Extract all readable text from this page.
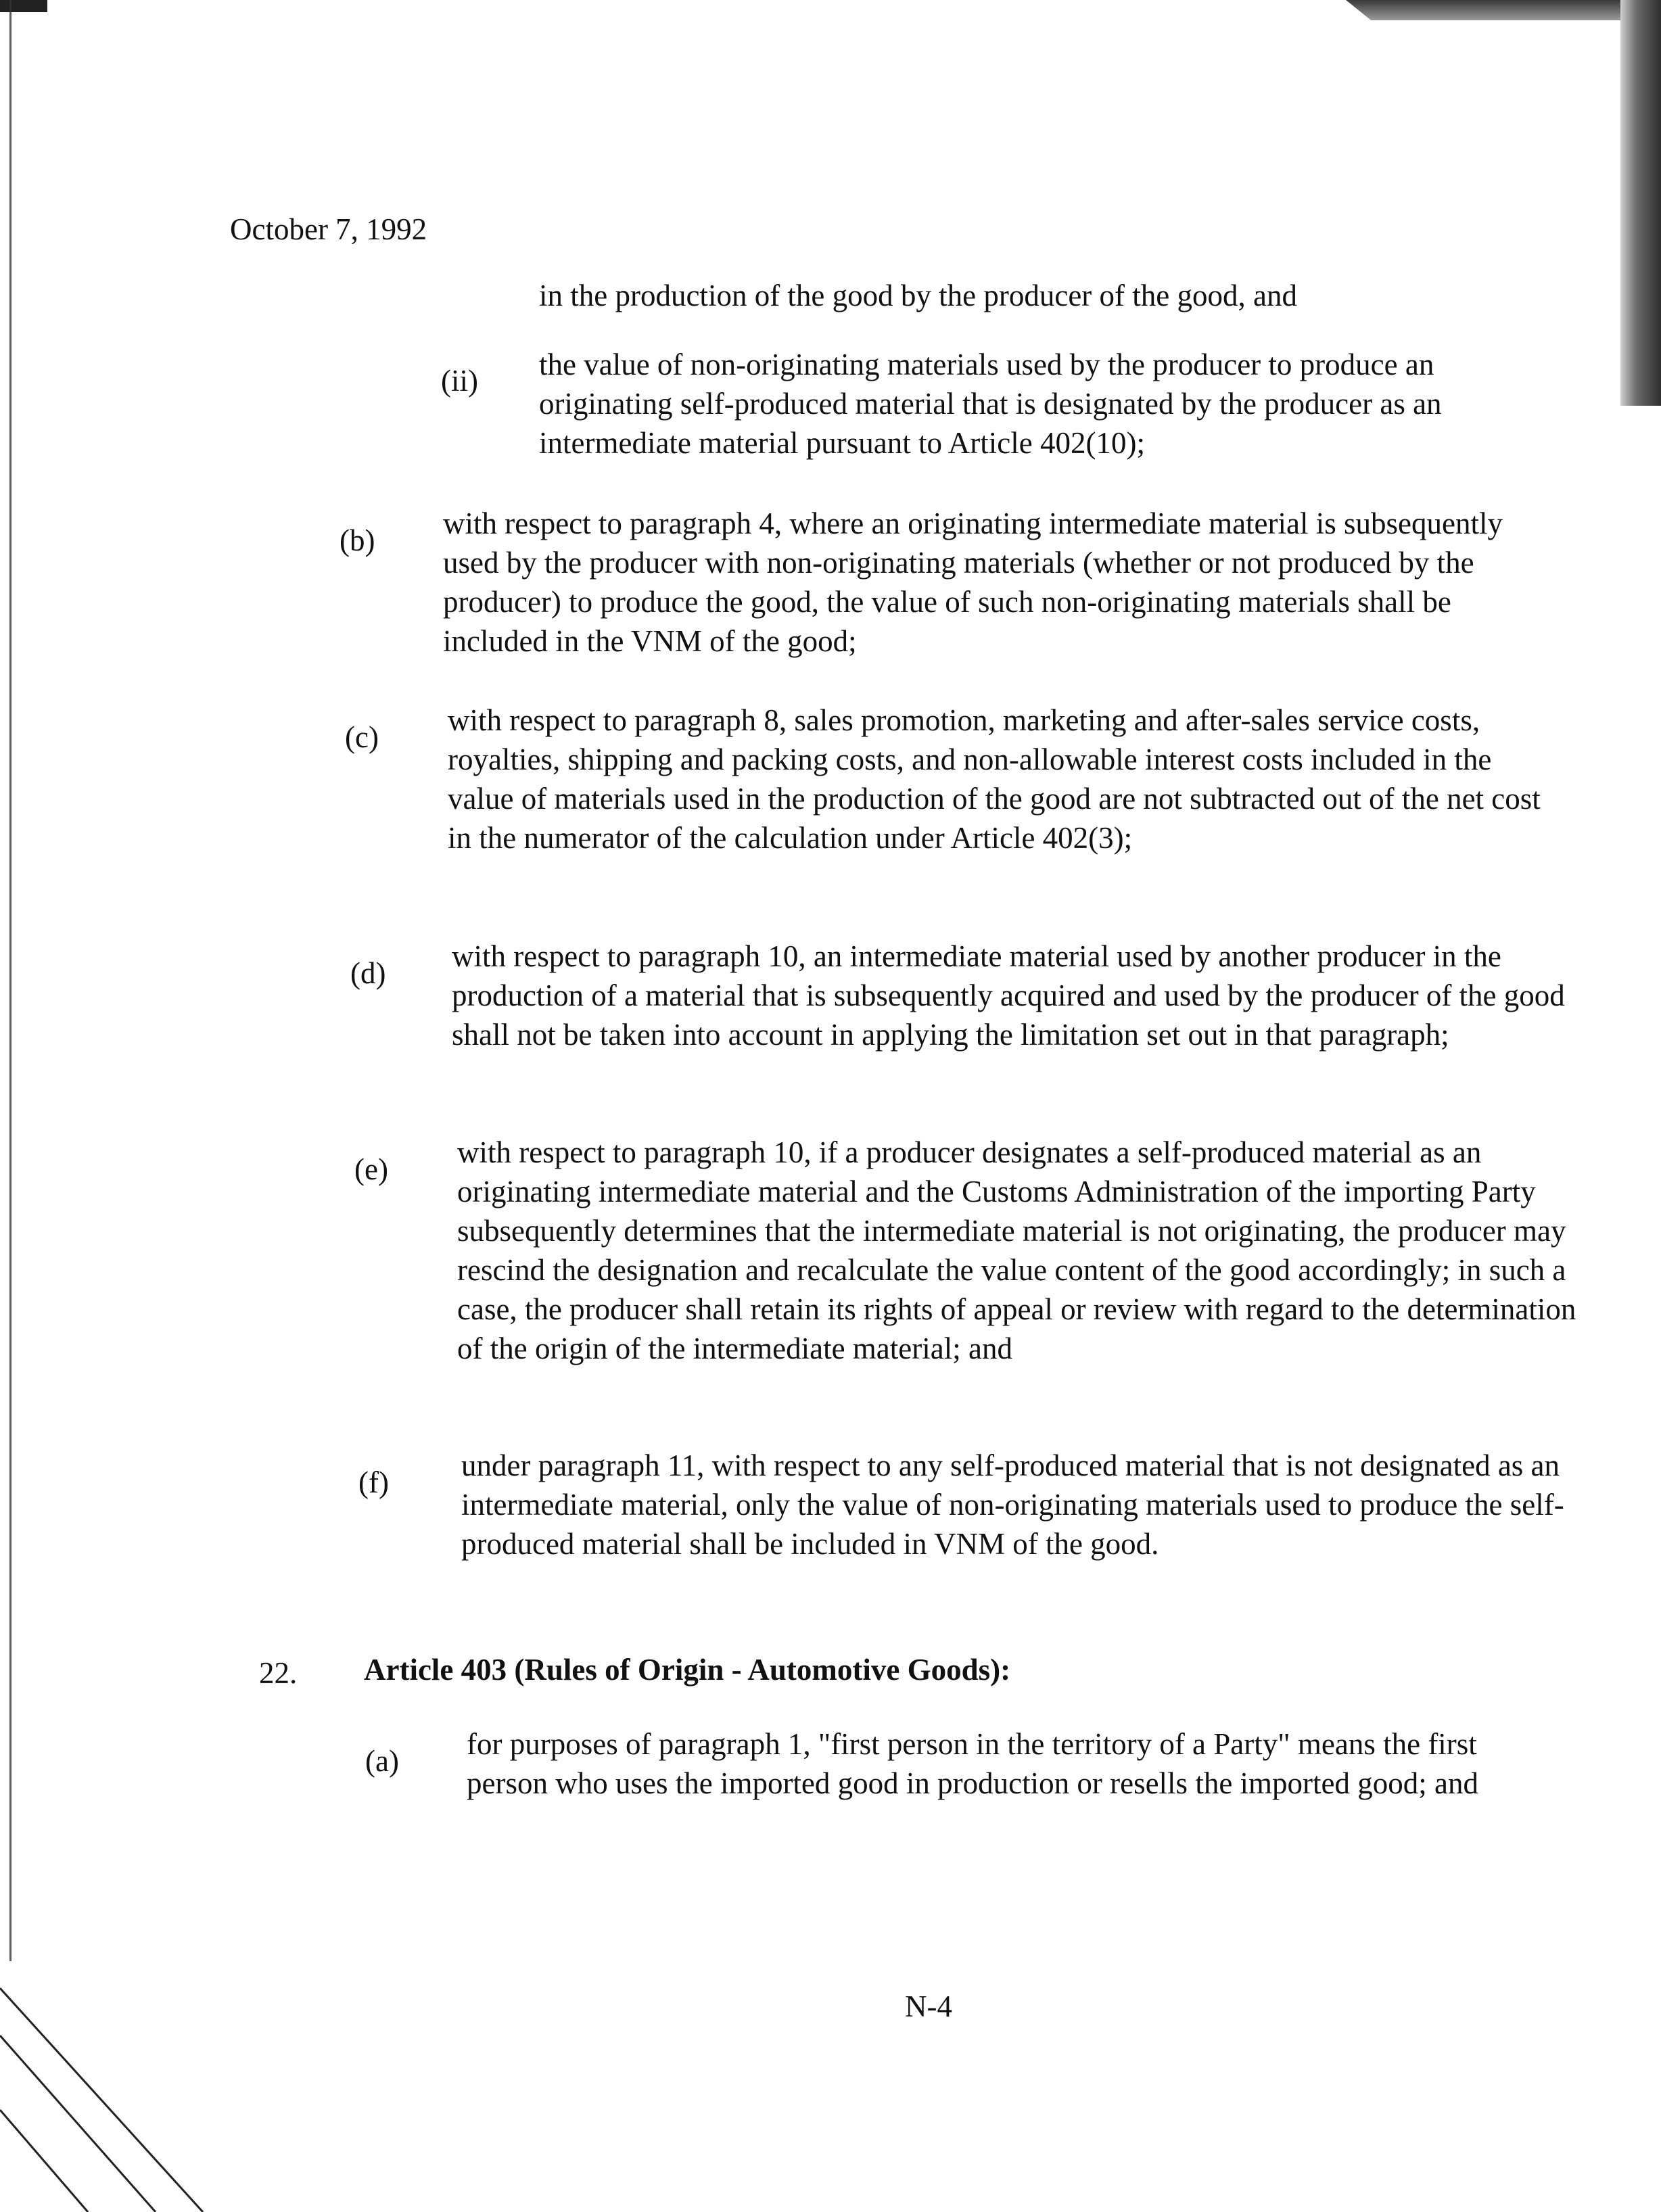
October 7, 1992
in the production of the good by the producer of the good, and
(ii) the value of non-originating materials used by the producer to produce an originating self-produced material that is designated by the producer as an intermediate material pursuant to Article 402(10);
(b) with respect to paragraph 4, where an originating intermediate material is subsequently used by the producer with non-originating materials (whether or not produced by the producer) to produce the good, the value of such non-originating materials shall be included in the VNM of the good;
(c) with respect to paragraph 8, sales promotion, marketing and after-sales service costs, royalties, shipping and packing costs, and non-allowable interest costs included in the value of materials used in the production of the good are not subtracted out of the net cost in the numerator of the calculation under Article 402(3);
(d) with respect to paragraph 10, an intermediate material used by another producer in the production of a material that is subsequently acquired and used by the producer of the good shall not be taken into account in applying the limitation set out in that paragraph;
(e) with respect to paragraph 10, if a producer designates a self-produced material as an originating intermediate material and the Customs Administration of the importing Party subsequently determines that the intermediate material is not originating, the producer may rescind the designation and recalculate the value content of the good accordingly; in such a case, the producer shall retain its rights of appeal or review with regard to the determination of the origin of the intermediate material; and
(f) under paragraph 11, with respect to any self-produced material that is not designated as an intermediate material, only the value of non-originating materials used to produce the self-produced material shall be included in VNM of the good.
22. Article 403 (Rules of Origin - Automotive Goods):
(a) for purposes of paragraph 1, "first person in the territory of a Party" means the first person who uses the imported good in production or resells the imported good; and
N-4
